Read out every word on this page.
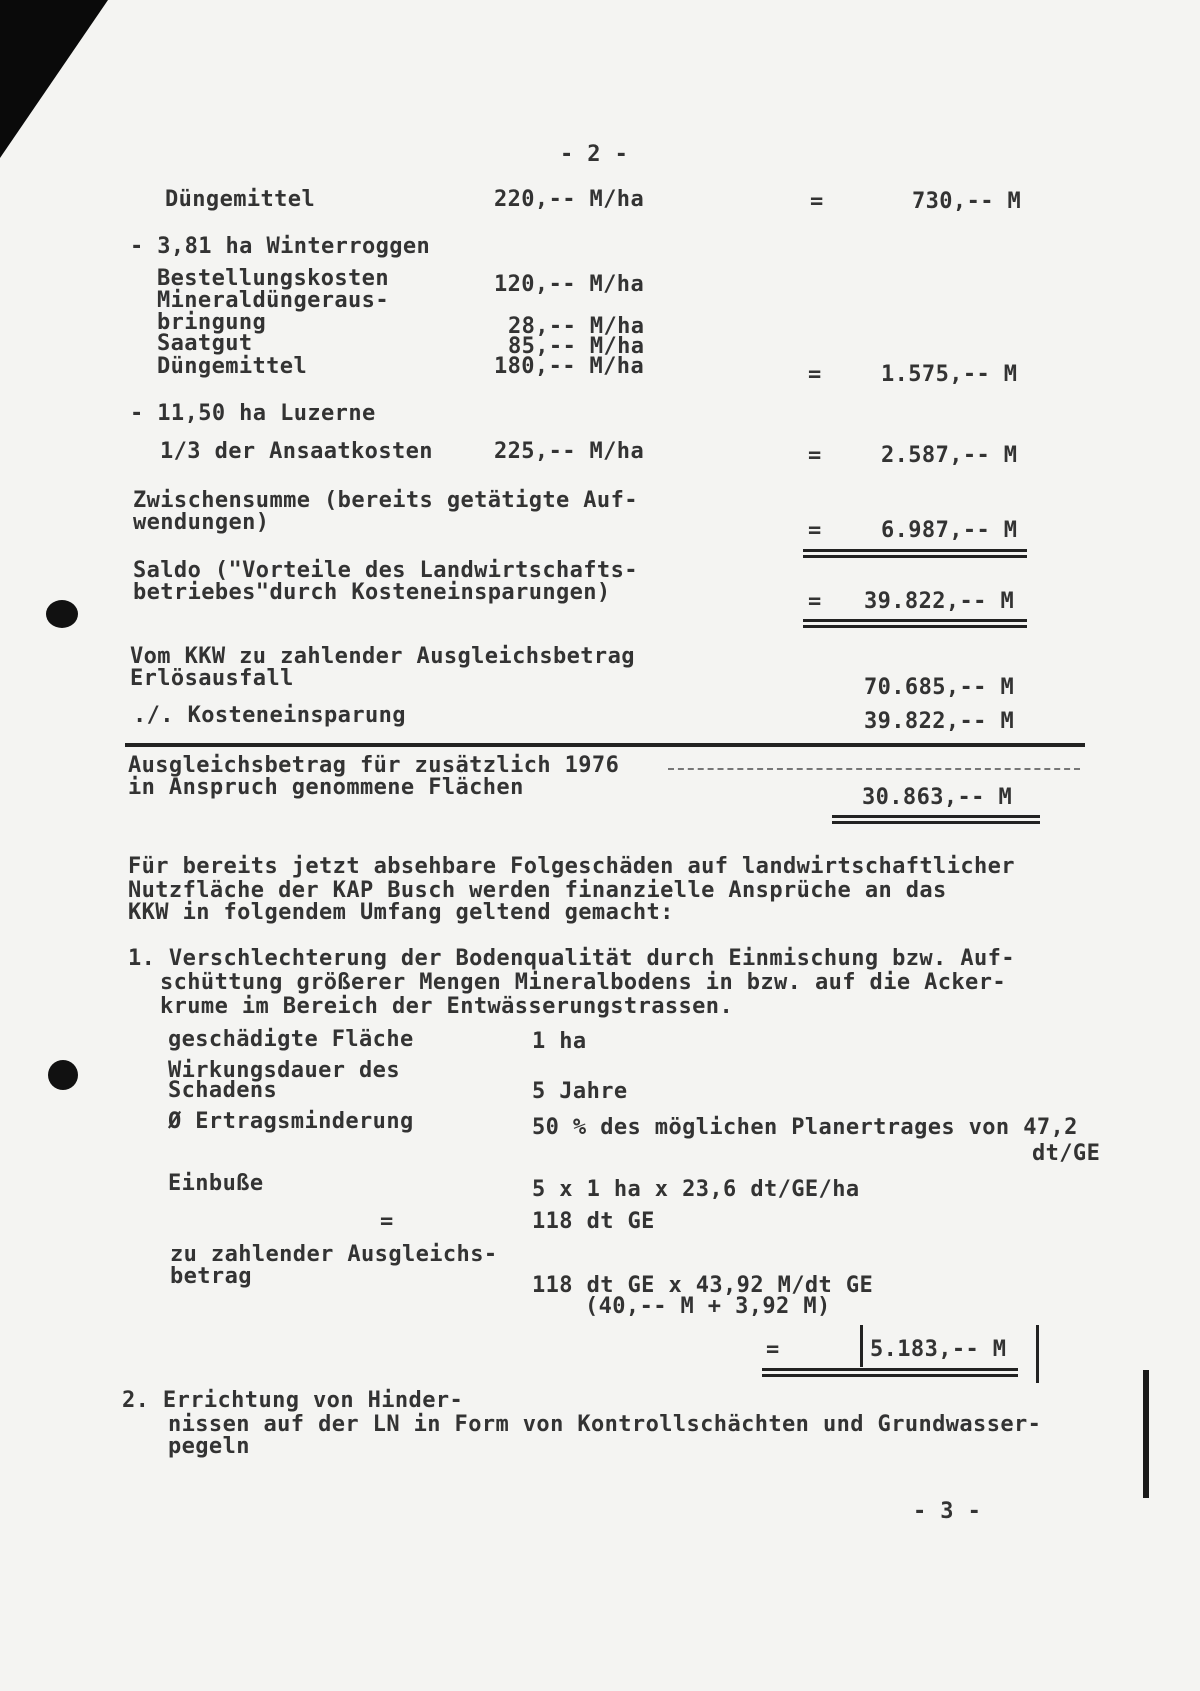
- 2 -
Düngemittel	220,-- M/ha	=	730,-- M
- 3,81 ha Winterroggen
Bestellungskosten	120,-- M/ha
Mineraldüngeraus-
bringung	28,-- M/ha
Saatgut	85,-- M/ha
Düngemittel	180,-- M/ha	=	1.575,-- M
- 11,50 ha Luzerne
1/3 der Ansaatkosten	225,-- M/ha	=	2.587,-- M
Zwischensumme (bereits getätigte Auf-
wendungen)	=	6.987,-- M
Saldo ("Vorteile des Landwirtschafts-
betriebes"durch Kosteneinsparungen)	= 39.822,-- M
Vom KKW zu zahlender Ausgleichsbetrag
Erlösausfall	70.685,-- M
./. Kosteneinsparung	39.822,-- M
Ausgleichsbetrag für zusätzlich 1976
in Anspruch genommene Flächen	30.863,-- M
Für bereits jetzt absehbare Folgeschäden auf landwirtschaftlicher
Nutzfläche der KAP Busch werden finanzielle Ansprüche an das
KKW in folgendem Umfang geltend gemacht:
1. Verschlechterung der Bodenqualität durch Einmischung bzw. Auf-
schüttung größerer Mengen Mineralbodens in bzw. auf die Acker-
krume im Bereich der Entwässerungstrassen.
geschädigte Fläche	1 ha
Wirkungsdauer des
Schadens	5 Jahre
Ø Ertragsminderung	50 % des möglichen Planertrages von 47,2
dt/GE
Einbuße	5 x 1 ha x 23,6 dt/GE/ha
=	118 dt GE
zu zahlender Ausgleichs-
betrag	118 dt GE x 43,92 M/dt GE
(40,-- M + 3,92 M)
=	5.183,-- M
2. Errichtung von Hinder-
nissen auf der LN in Form von Kontrollschächten und Grundwasser-
pegeln
- 3 -
